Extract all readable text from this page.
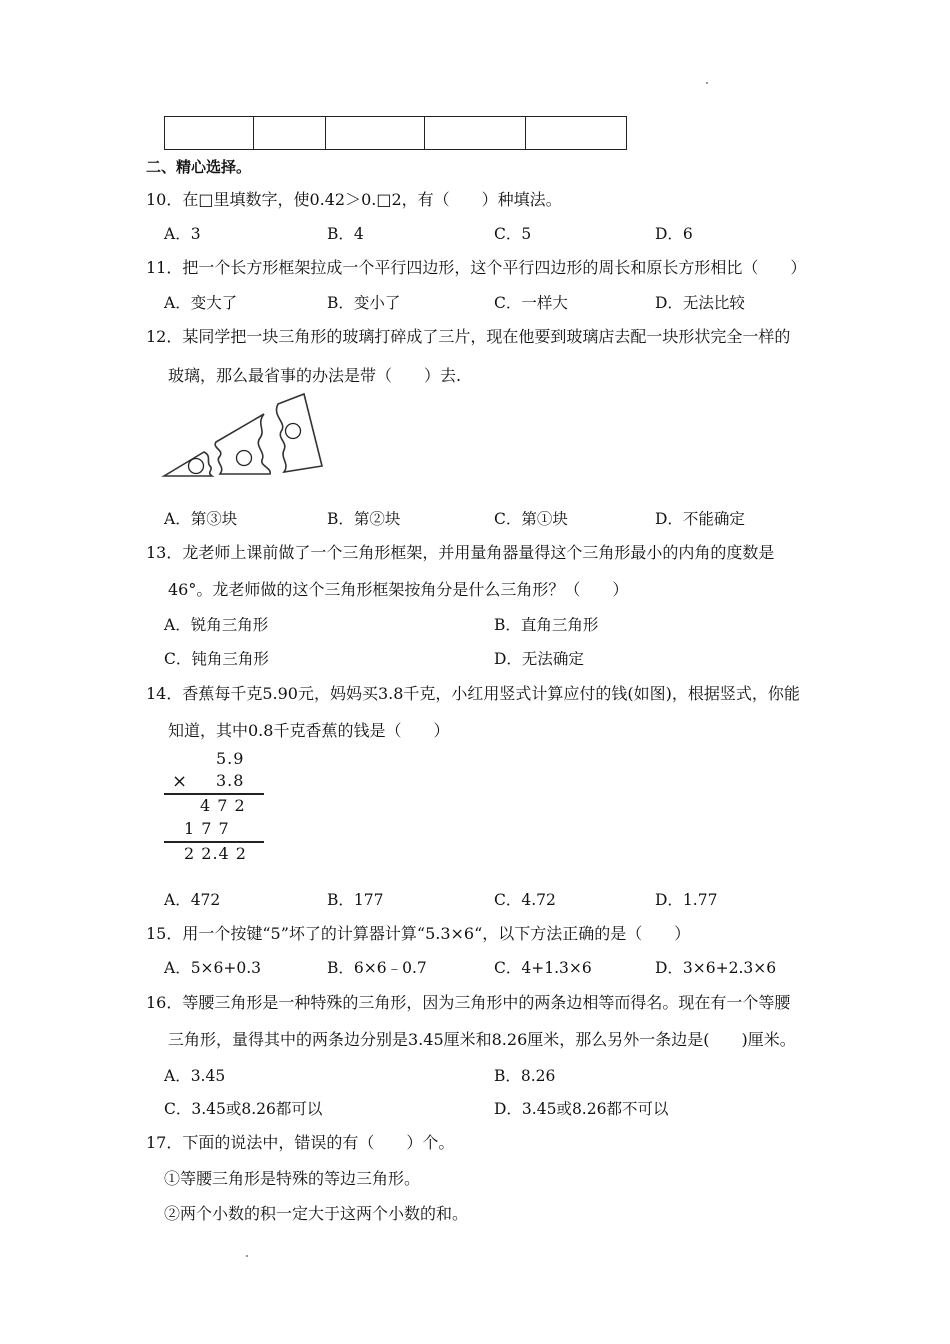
二、精心选择。
10．在□里填数字，使0.42＞0.□2，有（　　）种填法。
A．3	B．4	C．5	D．6
11．把一个长方形框架拉成一个平行四边形，这个平行四边形的周长和原长方形相比（　　）
A．变大了	B．变小了	C．一样大	D．无法比较
12．某同学把一块三角形的玻璃打碎成了三片，现在他要到玻璃店去配一块形状完全一样的
玻璃，那么最省事的办法是带（　　）去.
A．第③块	B．第②块	C．第①块	D．不能确定
13．龙老师上课前做了一个三角形框架，并用量角器量得这个三角形最小的内角的度数是
46°。龙老师做的这个三角形框架按角分是什么三角形？（　　）
A．锐角三角形	B．直角三角形
C．钝角三角形	D．无法确定
14．香蕉每千克5.90元，妈妈买3.8千克，小红用竖式计算应付的钱(如图)，根据竖式，你能
知道，其中0.8千克香蕉的钱是（　　）
5.9
× 3.8
4 7 2
1 7 7
2 2.4 2
A．472	B．177	C．4.72	D．1.77
15．用一个按键“5”坏了的计算器计算“5.3×6“，以下方法正确的是（　　）
A．5×6+0.3	B．6×6﹣0.7	C．4+1.3×6	D．3×6+2.3×6
16．等腰三角形是一种特殊的三角形，因为三角形中的两条边相等而得名。现在有一个等腰
三角形，量得其中的两条边分别是3.45厘米和8.26厘米，那么另外一条边是(　　)厘米。
A．3.45	B．8.26
C．3.45或8.26都可以	D．3.45或8.26都不可以
17．下面的说法中，错误的有（　　）个。
①等腰三角形是特殊的等边三角形。
②两个小数的积一定大于这两个小数的和。
